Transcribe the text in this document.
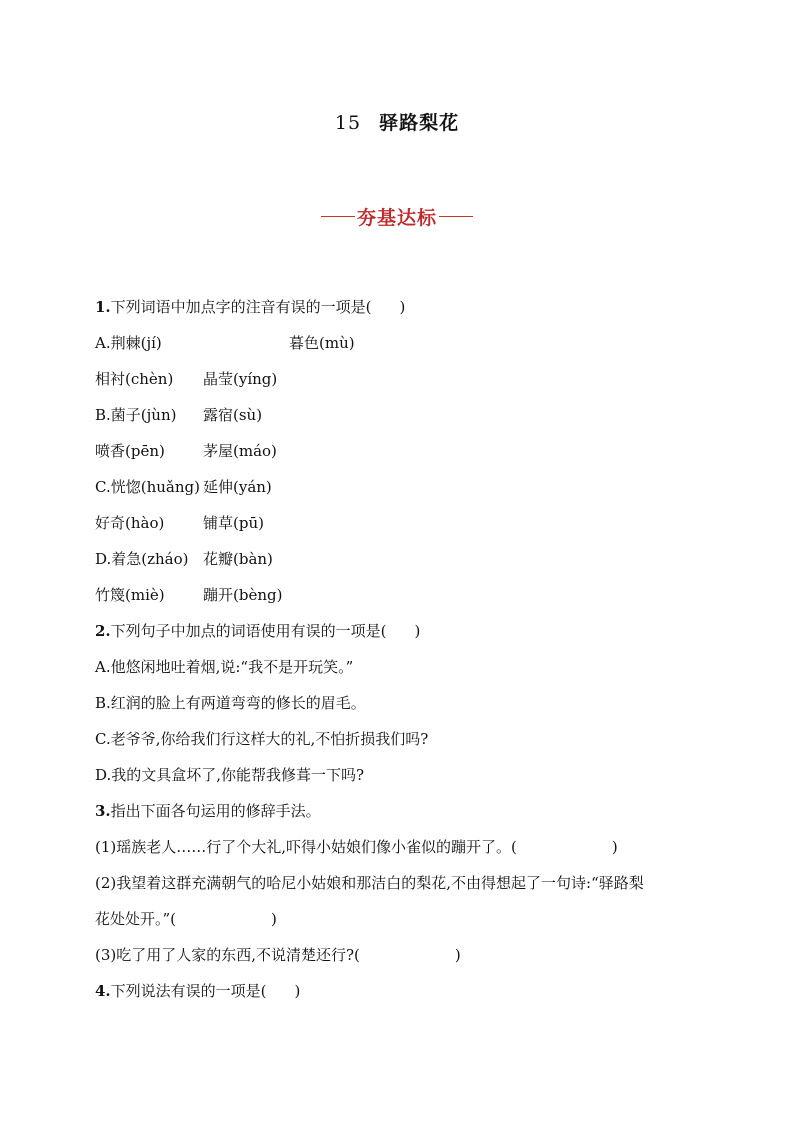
15 驿路梨花
夯基达标
1.下列词语中加点字的注音有误的一项是( )
A.荆棘(jí)	暮色(mù)
相衬(chèn) 晶莹(yíng)
B.菌子(jùn) 露宿(sù)
喷香(pēn)	茅屋(máo)
C.恍惚(huǎng) 延伸(yán)
好奇(hào)	铺草(pū)
D.着急(zháo) 花瓣(bàn)
竹篾(miè)	蹦开(bèng)
2.下列句子中加点的词语使用有误的一项是( )
A.他悠闲地吐着烟,说:“我不是开玩笑。”
B.红润的脸上有两道弯弯的修长的眉毛。
C.老爷爷,你给我们行这样大的礼,不怕折损我们吗?
D.我的文具盒坏了,你能帮我修葺一下吗?
3.指出下面各句运用的修辞手法。
(1)瑶族老人……行了个大礼,吓得小姑娘们像小雀似的蹦开了。(	)
(2)我望着这群充满朝气的哈尼小姑娘和那洁白的梨花,不由得想起了一句诗:“驿路梨
花处处开。”(	)
(3)吃了用了人家的东西,不说清楚还行?(	)
4.下列说法有误的一项是( )
